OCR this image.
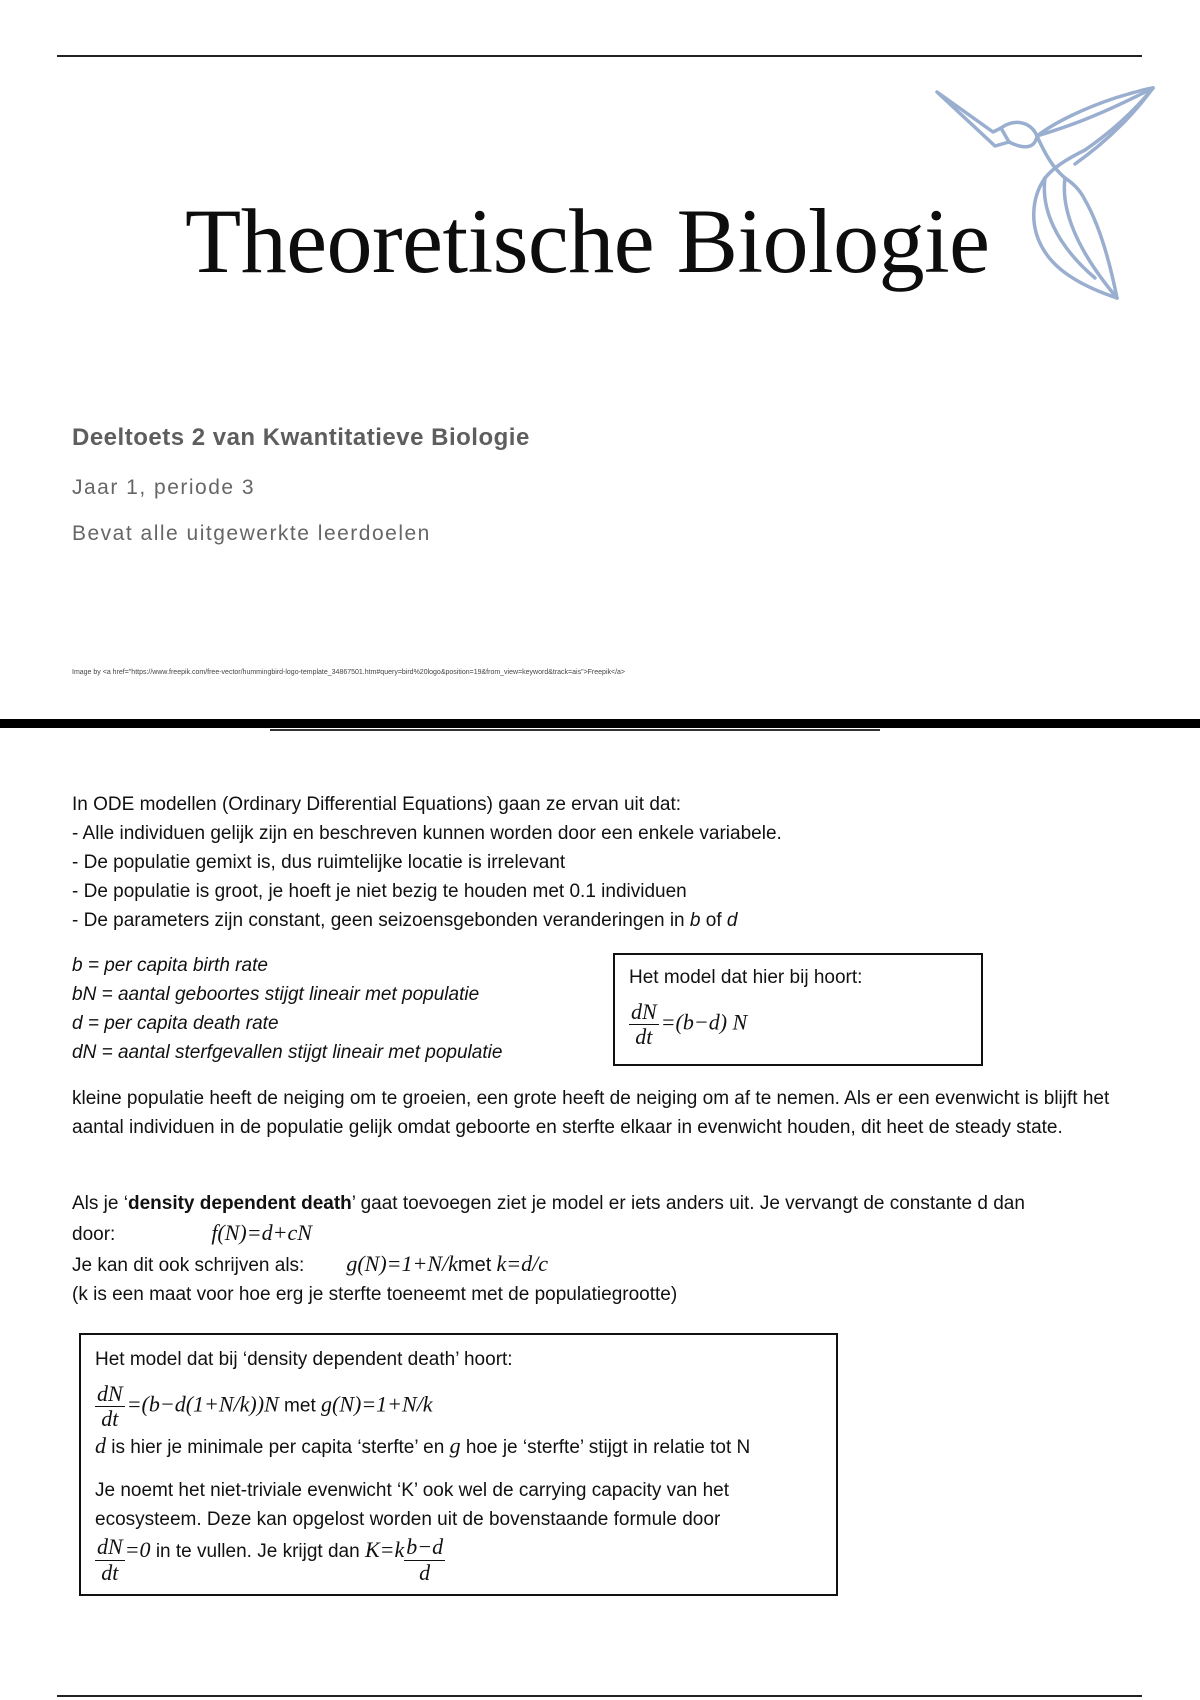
Theoretische Biologie
Deeltoets 2 van Kwantitatieve Biologie
Jaar 1, periode 3
Bevat alle uitgewerkte leerdoelen
Image by <a href="https://www.freepik.com/free-vector/hummingbird-logo-template_34867501.htm#query=bird%20logo&position=19&from_view=keyword&track=ais">Freepik</a>
In ODE modellen (Ordinary Differential Equations) gaan ze ervan uit dat:
- Alle individuen gelijk zijn en beschreven kunnen worden door een enkele variabele.
- De populatie gemixt is, dus ruimtelijke locatie is irrelevant
- De populatie is groot, je hoeft je niet bezig te houden met 0.1 individuen
- De parameters zijn constant, geen seizoensgebonden veranderingen in b of d
b = per capita birth rate
bN = aantal geboortes stijgt lineair met populatie
d = per capita death rate
dN = aantal sterfgevallen stijgt lineair met populatie
Het model dat hier bij hoort:
$\frac{dN}{dt} =(b-d)$ N
kleine populatie heeft de neiging om te groeien, een grote heeft de neiging om af te nemen. Als er een evenwicht is blijft het aantal individuen in de populatie gelijk omdat geboorte en sterfte elkaar in evenwicht houden, dit heet de steady state.
Als je ‘density dependent death’ gaat toevoegen ziet je model er iets anders uit. Je vervangt de constante d dan
door:	f(N)=d+cN
Je kan dit ook schrijven als: g(N)=1+N/kmet k=d/c
(k is een maat voor hoe erg je sterfte toeneemt met de populatiegrootte)
Het model dat bij ‘density dependent death’ hoort:
$\frac{dN}{dt} =(b-d(1+N/k))N$ met g(N)=1+N/k
d is hier je minimale per capita ‘sterfte’ en g hoe je ‘sterfte’ stijgt in relatie tot N
Je noemt het niet-triviale evenwicht ‘K’ ook wel de carrying capacity van het
ecosysteem. Deze kan opgelost worden uit de bovenstaande formule door
$\frac{dN}{dt} =0$ in te vullen. Je krijgt dan $K=k \frac{b-d}{d}$
